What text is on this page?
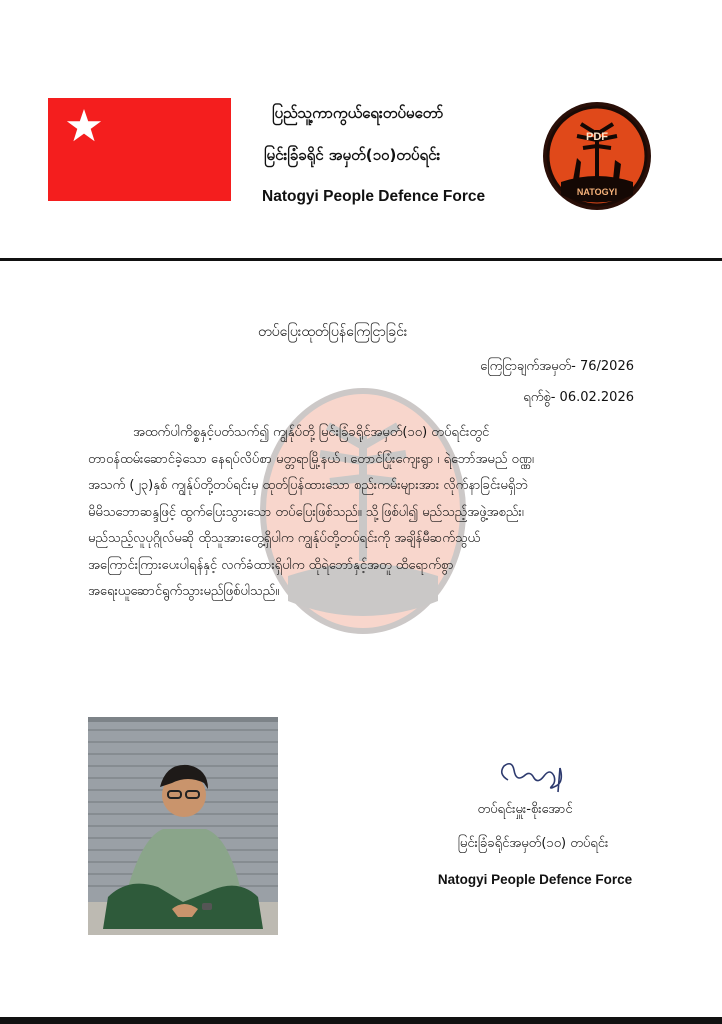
ပြည်သူ့ကာကွယ်ရေးတပ်မတော်
မြင်းခြံခရိုင် အမှတ်(၁၀)တပ်ရင်း
Natogyi People Defence Force
PDF
NATOGYI
တပ်ပြေးထုတ်ပြန်ကြေငြာခြင်း
ကြေငြာချက်အမှတ်- 76/2026
ရက်စွဲ- 06.02.2026
အထက်ပါကိစ္စနှင့်ပတ်သက်၍ ကျွန်ုပ်တို့ မြင်းခြံခရိုင်အမှတ်(၁၀) တပ်ရင်းတွင်
တာဝန်ထမ်းဆောင်ခဲ့သော နေရပ်လိပ်စာ မတ္တရာမြို့နယ် ၊ တောင်ပြုံးကျေးရွာ ၊ ရဲဘော်အမည် ဝဏ္ဏ၊
အသက် (၂၃)နှစ် ကျွန်ုပ်တို့တပ်ရင်းမှ ထုတ်ပြန်ထားသော စည်းကမ်းများအား လိုက်နာခြင်းမရှိဘဲ
မိမိသဘောဆန္ဒဖြင့် ထွက်ပြေးသွားသော တပ်ပြေးဖြစ်သည်။ သို့ဖြစ်ပါ၍ မည်သည့်အဖွဲ့အစည်း၊
မည်သည့်လူပုဂ္ဂိုလ်မဆို ထိုသူအားတွေ့ရှိပါက ကျွန်ုပ်တို့တပ်ရင်းကို အချိန်မီဆက်သွယ်
အကြောင်းကြားပေးပါရန်နှင့် လက်ခံထားရှိပါက ထိုရဲဘော်နှင့်အတူ ထိရောက်စွာ
အရေးယူဆောင်ရွက်သွားမည်ဖြစ်ပါသည်။
တပ်ရင်းမှူး-စိုးအောင်
မြင်းခြံခရိုင်အမှတ်(၁၀) တပ်ရင်း
Natogyi People Defence Force
